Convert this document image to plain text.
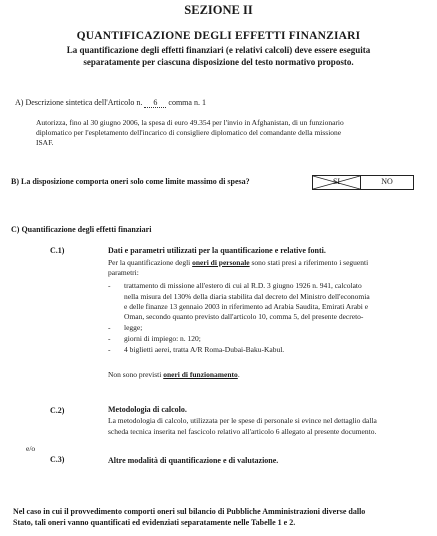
SEZIONE II
QUANTIFICAZIONE DEGLI EFFETTI FINANZIARI
La quantificazione degli effetti finanziari (e relativi calcoli) deve essere eseguita
separatamente per ciascuna disposizione del testo normativo proposto.
A) Descrizione sintetica dell'Articolo n. 6 comma n. 1
Autorizza, fino al 30 giugno 2006, la spesa di euro 49.354 per l'invio in Afghanistan, di un funzionario
diplomatico per l'espletamento dell'incarico di consigliere diplomatico del comandante della missione
ISAF.
B) La disposizione comporta oneri solo come limite massimo di spesa?	SI	NO
C) Quantificazione degli effetti finanziari
C.1)	Dati e parametri utilizzati per la quantificazione e relative fonti.
Per la quantificazione degli oneri di personale sono stati presi a riferimento i seguenti
parametri:
- trattamento di missione all'estero di cui al R.D. 3 giugno 1926 n. 941, calcolato
nella misura del 130% della diaria stabilita dal decreto del Ministro dell'economia
e delle finanze 13 gennaio 2003 in riferimento ad Arabia Saudita, Emirati Arabi e
Oman, secondo quanto previsto dall'articolo 10, comma 5, del presente decreto-
- legge;
- giorni di impiego: n. 120;
- 4 biglietti aerei, tratta A/R Roma-Dubai-Baku-Kabul.
Non sono previsti oneri di funzionamento.
C.2)	Metodologia di calcolo.
La metodologia di calcolo, utilizzata per le spese di personale si evince nel dettaglio dalla
scheda tecnica inserita nel fascicolo relativo all'articolo 6 allegato al presente documento.
e/o
C.3)	Altre modalità di quantificazione e di valutazione.
Nel caso in cui il provvedimento comporti oneri sul bilancio di Pubbliche Amministrazioni diverse dallo
Stato, tali oneri vanno quantificati ed evidenziati separatamente nelle Tabelle 1 e 2.
